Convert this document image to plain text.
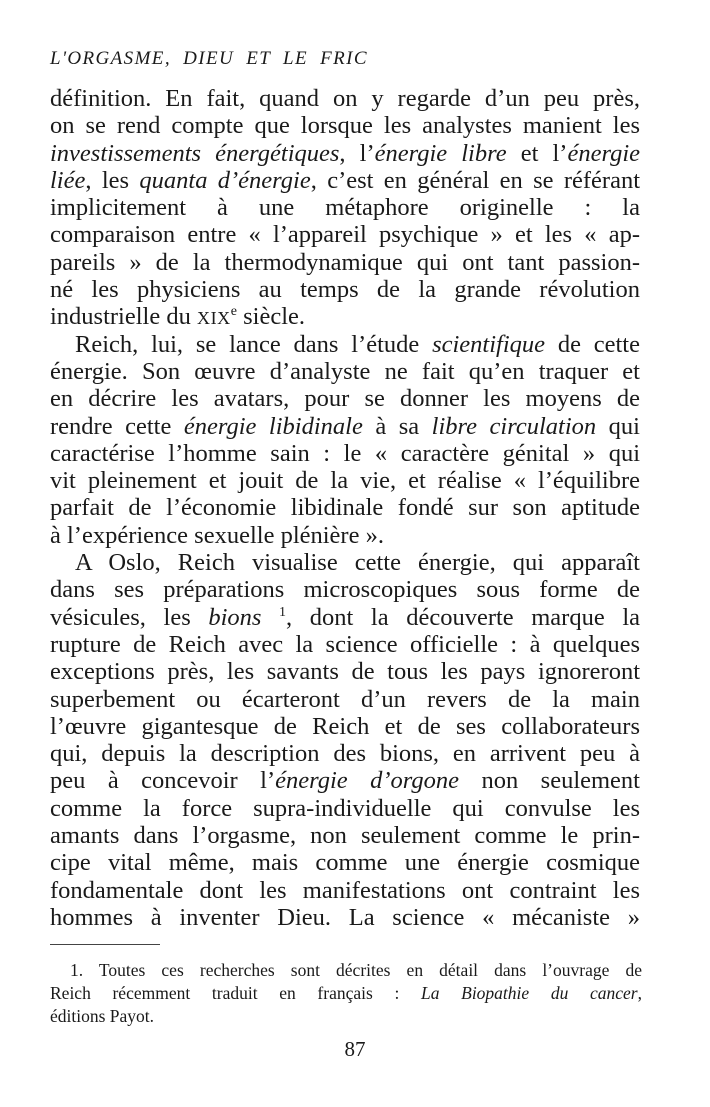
L'ORGASME, DIEU ET LE FRIC
définition. En fait, quand on y regarde d’un peu près,
on se rend compte que lorsque les analystes manient les
investissements énergétiques, l’énergie libre et l’énergie
liée, les quanta d’énergie, c’est en général en se référant
implicitement à une métaphore originelle : la
comparaison entre « l’appareil psychique » et les « ap-
pareils » de la thermodynamique qui ont tant passion-
né les physiciens au temps de la grande révolution
industrielle du XIXe siècle.
Reich, lui, se lance dans l’étude scientifique de cette
énergie. Son œuvre d’analyste ne fait qu’en traquer et
en décrire les avatars, pour se donner les moyens de
rendre cette énergie libidinale à sa libre circulation qui
caractérise l’homme sain : le « caractère génital » qui
vit pleinement et jouit de la vie, et réalise « l’équilibre
parfait de l’économie libidinale fondé sur son aptitude
à l’expérience sexuelle plénière ».
A Oslo, Reich visualise cette énergie, qui apparaît
dans ses préparations microscopiques sous forme de
vésicules, les bions $^1$, dont la découverte marque la
rupture de Reich avec la science officielle : à quelques
exceptions près, les savants de tous les pays ignoreront
superbement ou écarteront d’un revers de la main
l’œuvre gigantesque de Reich et de ses collaborateurs
qui, depuis la description des bions, en arrivent peu à
peu à concevoir l’énergie d’orgone non seulement
comme la force supra-individuelle qui convulse les
amants dans l’orgasme, non seulement comme le prin-
cipe vital même, mais comme une énergie cosmique
fondamentale dont les manifestations ont contraint les
hommes à inventer Dieu. La science « mécaniste »
1. Toutes ces recherches sont décrites en détail dans l’ouvrage de
Reich récemment traduit en français : La Biopathie du cancer,
éditions Payot.
87
